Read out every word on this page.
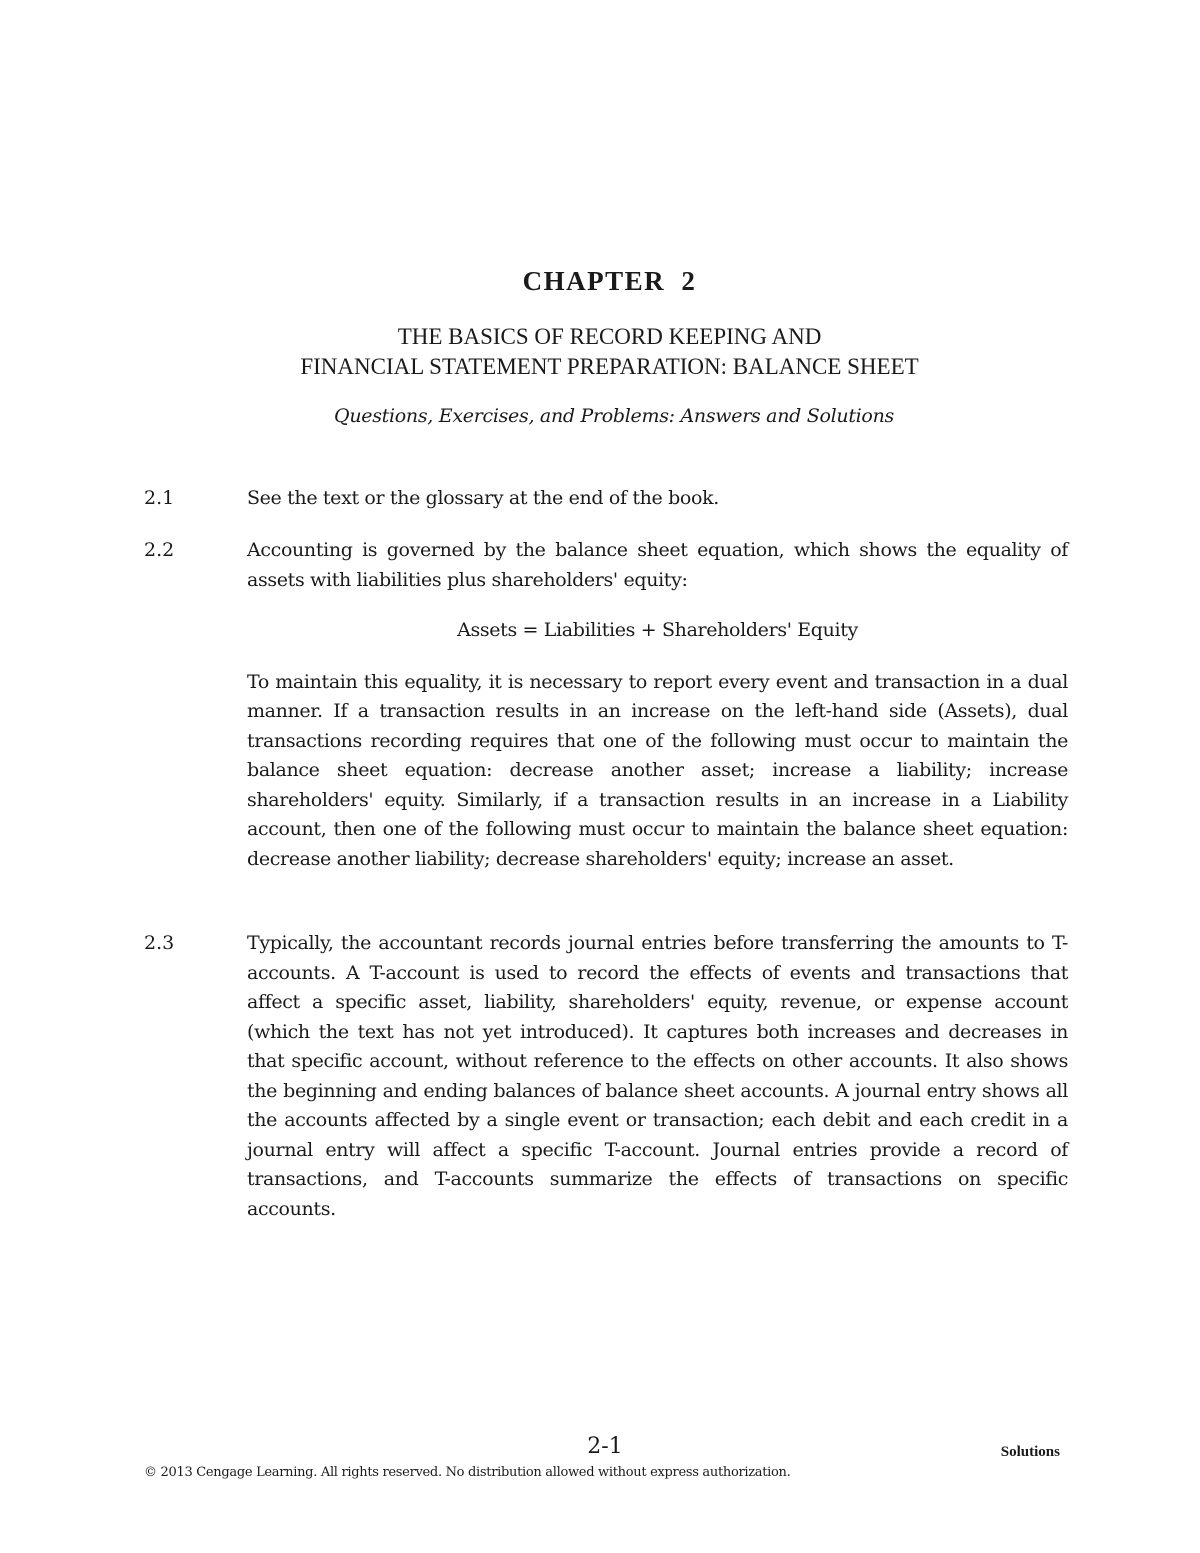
CHAPTER 2
THE BASICS OF RECORD KEEPING AND
FINANCIAL STATEMENT PREPARATION: BALANCE SHEET
Questions, Exercises, and Problems: Answers and Solutions
2.1	See the text or the glossary at the end of the book.

2.2	Accounting is governed by the balance sheet equation, which shows the equality of assets with liabilities plus shareholders' equity:

Assets = Liabilities + Shareholders' Equity

To maintain this equality, it is necessary to report every event and transaction in a dual manner. If a transaction results in an increase on the left-hand side (Assets), dual transactions recording requires that one of the following must occur to maintain the balance sheet equation: decrease another asset; increase a liability; increase shareholders' equity. Similarly, if a transaction results in an increase in a Liability account, then one of the following must occur to maintain the balance sheet equation: decrease another liability; decrease shareholders' equity; increase an asset.

2.3	Typically, the accountant records journal entries before transferring the amounts to T-accounts. A T-account is used to record the effects of events and transactions that affect a specific asset, liability, shareholders' equity, revenue, or expense account (which the text has not yet introduced). It captures both increases and decreases in that specific account, without reference to the effects on other accounts. It also shows the beginning and ending balances of balance sheet accounts. A journal entry shows all the accounts affected by a single event or transaction; each debit and each credit in a journal entry will affect a specific T-account. Journal entries provide a record of transactions, and T-accounts summarize the effects of transactions on specific accounts.

2-1	Solutions
© 2013 Cengage Learning. All rights reserved. No distribution allowed without express authorization.
